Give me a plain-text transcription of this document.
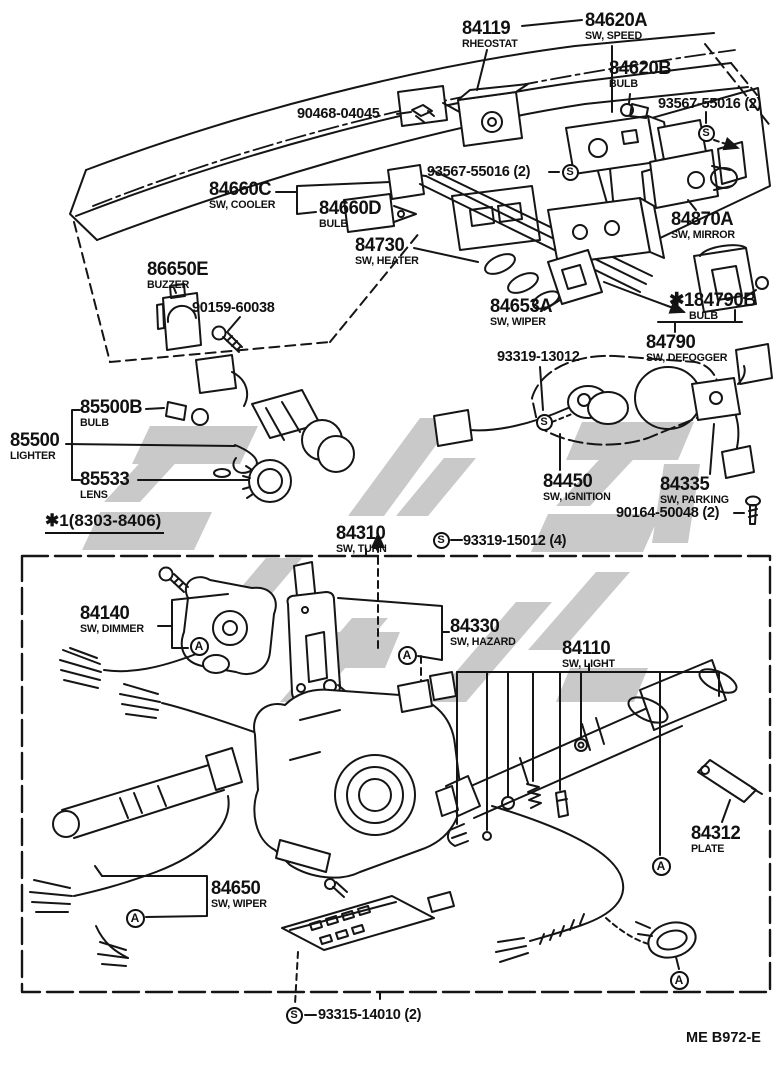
84119
RHEOSTAT
84620A
SW, SPEED
84620B
BULB
84660C
SW, COOLER 84660D
BULB
84730
SW, HEATER
84870A
SW, MIRROR
86650E
BUZZER
84653A
SW, WIPER
✱184790B
BULB
84790
SW, DEFOGGER
85500B
BULB
85500
LIGHTER
85533
LENS
84450
SW, IGNITION
84335
SW, PARKING
84310
SW, TURN
84140
SW, DIMMER	84330
SW, HAZARD 84110
SW, LIGHT
84312
PLATE
84650
SW, WIPER
93567-55016 (2)
90468-04045
93567-55016 (2)
90159-60038
93319-13012
90164-50048 (2)
93319-15012 (4)
93315-14010 (2)
S
S
S
S
S
A
A
A
A
A
✱1(8303-8406)
ME B972-E
